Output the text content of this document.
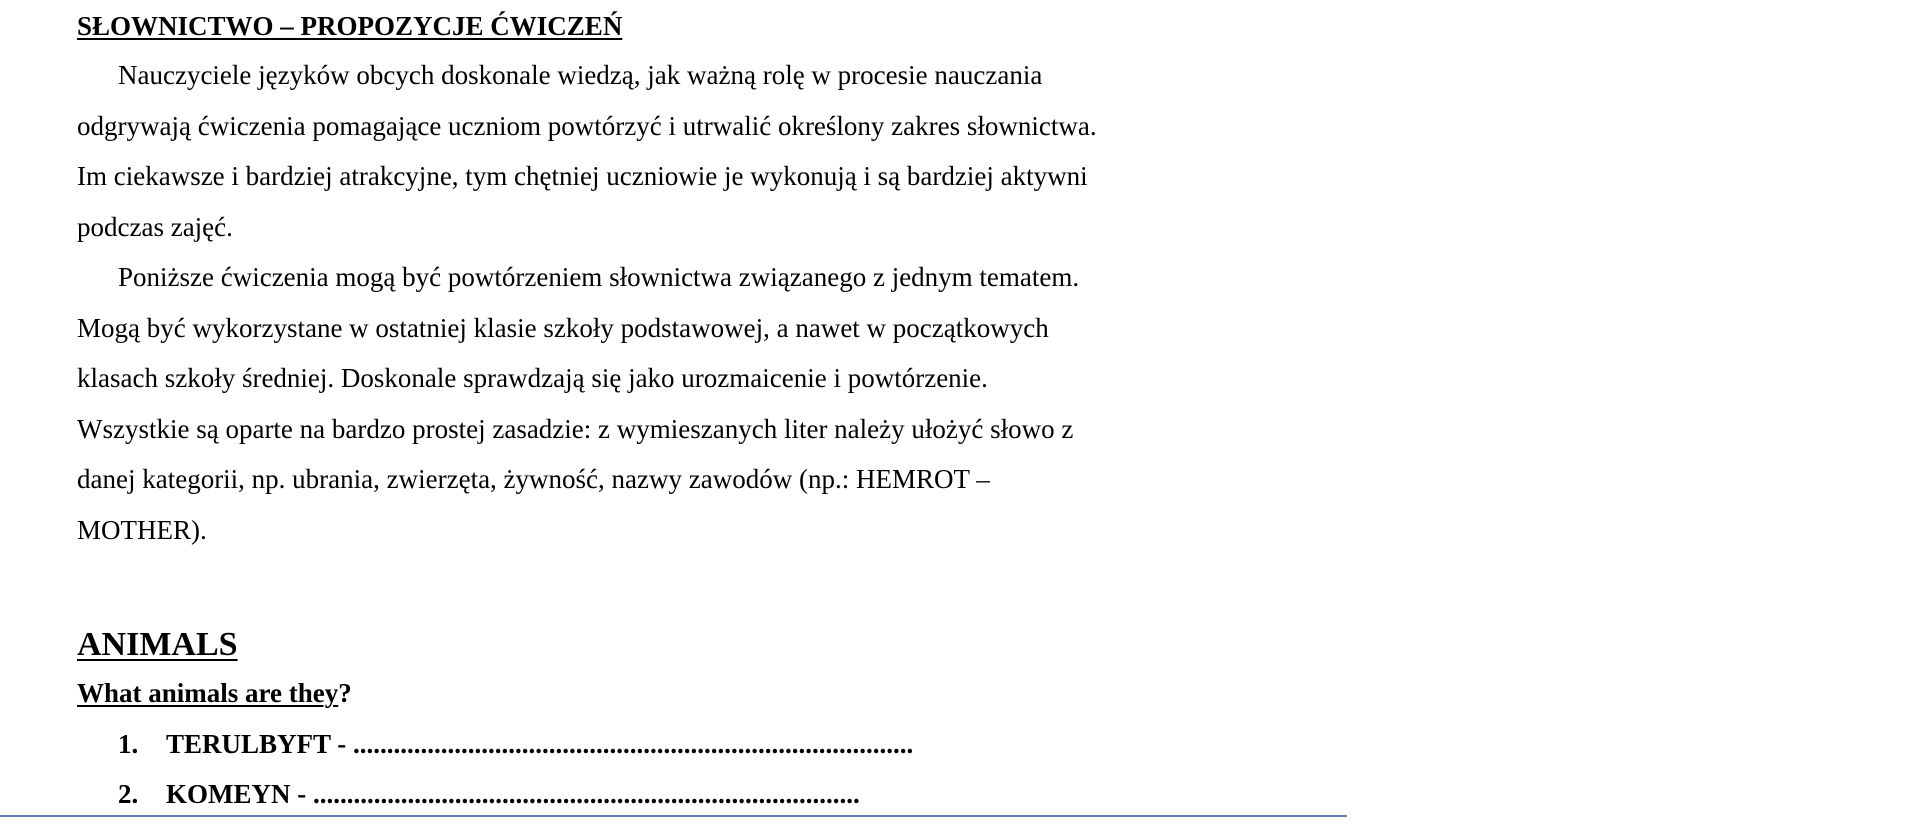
SŁOWNICTWO – PROPOZYCJE ĆWICZEŃ

Nauczyciele języków obcych doskonale wiedzą, jak ważną rolę w procesie nauczania
odgrywają ćwiczenia pomagające uczniom powtórzyć i utrwalić określony zakres słownictwa.
Im ciekawsze i bardziej atrakcyjne, tym chętniej uczniowie je wykonują i są bardziej aktywni
podczas zajęć.

Poniższe ćwiczenia mogą być powtórzeniem słownictwa związanego z jednym tematem.
Mogą być wykorzystane w ostatniej klasie szkoły podstawowej, a nawet w początkowych
klasach szkoły średniej. Doskonale sprawdzają się jako urozmaicenie i powtórzenie.
Wszystkie są oparte na bardzo prostej zasadzie: z wymieszanych liter należy ułożyć słowo z
danej kategorii, np. ubrania, zwierzęta, żywność, nazwy zawodów (np.: HEMROT –
MOTHER).

ANIMALS
What animals are they?
1.	TERULBYFT - ...................................................................................
2.	KOMEYN - .................................................................................
